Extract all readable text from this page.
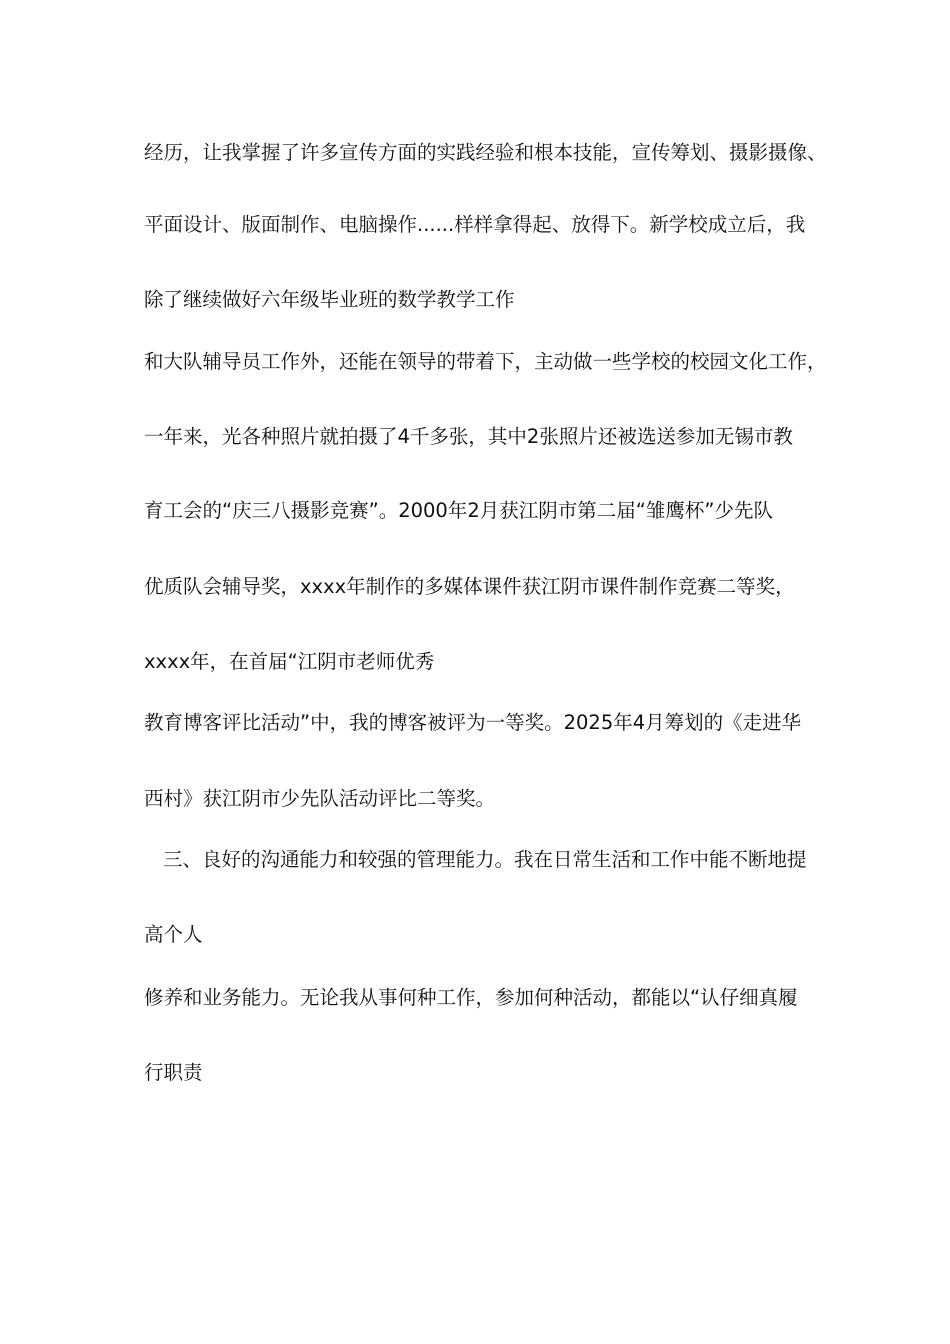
经历，让我掌握了许多宣传方面的实践经验和根本技能，宣传筹划、摄影摄像、
平面设计、版面制作、电脑操作......样样拿得起、放得下。新学校成立后，我
除了继续做好六年级毕业班的数学教学工作
和大队辅导员工作外，还能在领导的带着下，主动做一些学校的校园文化工作，
一年来，光各种照片就拍摄了4千多张，其中2张照片还被选送参加无锡市教
育工会的“庆三八摄影竞赛”。2000年2月获江阴市第二届“雏鹰杯”少先队
优质队会辅导奖，xxxx年制作的多媒体课件获江阴市课件制作竞赛二等奖，
xxxx年，在首届“江阴市老师优秀
教育博客评比活动”中，我的博客被评为一等奖。2025年4月筹划的《走进华
西村》获江阴市少先队活动评比二等奖。
三、良好的沟通能力和较强的管理能力。我在日常生活和工作中能不断地提
高个人
修养和业务能力。无论我从事何种工作，参加何种活动，都能以“认仔细真履
行职责
